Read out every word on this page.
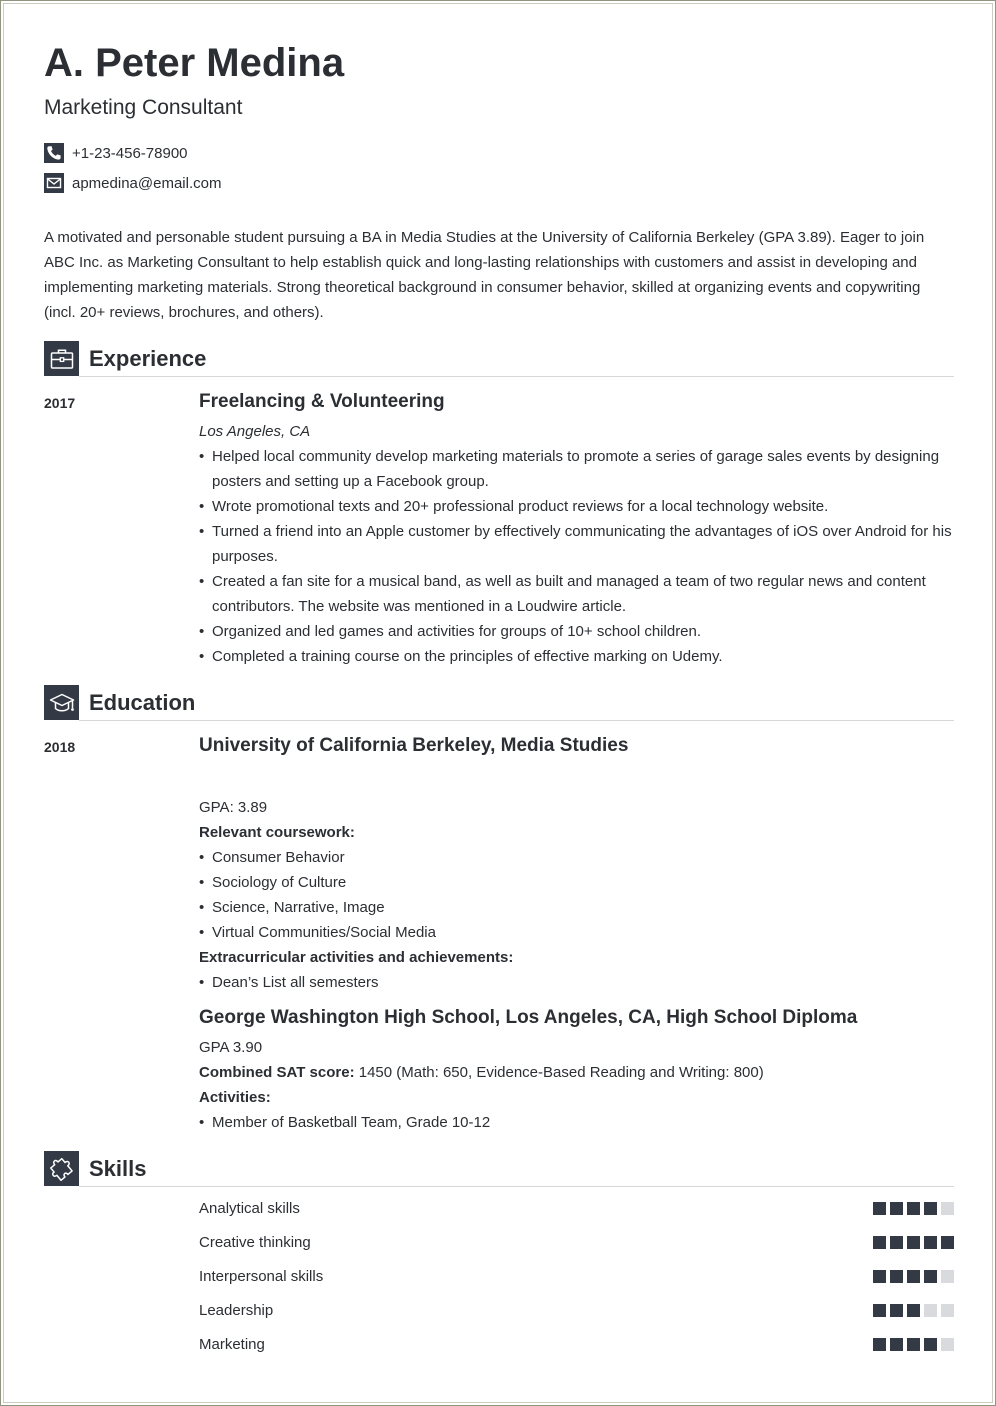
A. Peter Medina
Marketing Consultant
+1-23-456-78900
apmedina@email.com
A motivated and personable student pursuing a BA in Media Studies at the University of California Berkeley (GPA 3.89). Eager to join ABC Inc. as Marketing Consultant to help establish quick and long-lasting relationships with customers and assist in developing and implementing marketing materials. Strong theoretical background in consumer behavior, skilled at organizing events and copywriting (incl. 20+ reviews, brochures, and others).
Experience
2017	Freelancing & Volunteering
Los Angeles, CA
• Helped local community develop marketing materials to promote a series of garage sales events by designing posters and setting up a Facebook group.
• Wrote promotional texts and 20+ professional product reviews for a local technology website.
• Turned a friend into an Apple customer by effectively communicating the advantages of iOS over Android for his purposes.
• Created a fan site for a musical band, as well as built and managed a team of two regular news and content contributors. The website was mentioned in a Loudwire article.
• Organized and led games and activities for groups of 10+ school children.
• Completed a training course on the principles of effective marking on Udemy.
Education
2018	University of California Berkeley, Media Studies
GPA: 3.89
Relevant coursework:
• Consumer Behavior
• Sociology of Culture
• Science, Narrative, Image
• Virtual Communities/Social Media
Extracurricular activities and achievements:
• Dean’s List all semesters
George Washington High School, Los Angeles, CA, High School Diploma
GPA 3.90
Combined SAT score: 1450 (Math: 650, Evidence-Based Reading and Writing: 800)
Activities:
• Member of Basketball Team, Grade 10-12
Skills
Analytical skills
Creative thinking
Interpersonal skills
Leadership
Marketing
